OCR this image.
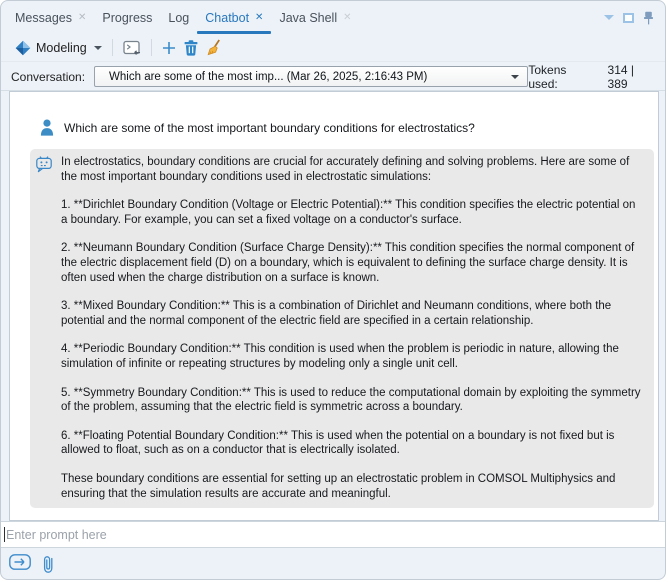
Messages ✕ Progress Log Chatbot ✕ Java Shell ✕
Modeling
Conversation: Which are some of the most imp... (Mar 26, 2025, 2:16:43 PM)	Tokens used:
314 | 389
Which are some of the most important boundary conditions for electrostatics?

In electrostatics, boundary conditions are crucial for accurately defining and solving problems. Here are some of the most important boundary conditions used in electrostatic simulations:

1. **Dirichlet Boundary Condition (Voltage or Electric Potential):** This condition specifies the electric potential on a boundary. For example, you can set a fixed voltage on a conductor's surface.

2. **Neumann Boundary Condition (Surface Charge Density):** This condition specifies the normal component of the electric displacement field (D) on a boundary, which is equivalent to defining the surface charge density. It is often used when the charge distribution on a surface is known.

3. **Mixed Boundary Condition:** This is a combination of Dirichlet and Neumann conditions, where both the potential and the normal component of the electric field are specified in a certain relationship.

4. **Periodic Boundary Condition:** This condition is used when the problem is periodic in nature, allowing the simulation of infinite or repeating structures by modeling only a single unit cell.

5. **Symmetry Boundary Condition:** This is used to reduce the computational domain by exploiting the symmetry of the problem, assuming that the electric field is symmetric across a boundary.

6. **Floating Potential Boundary Condition:** This is used when the potential on a boundary is not fixed but is allowed to float, such as on a conductor that is electrically isolated.

These boundary conditions are essential for setting up an electrostatic problem in COMSOL Multiphysics and ensuring that the simulation results are accurate and meaningful.

Enter prompt here
